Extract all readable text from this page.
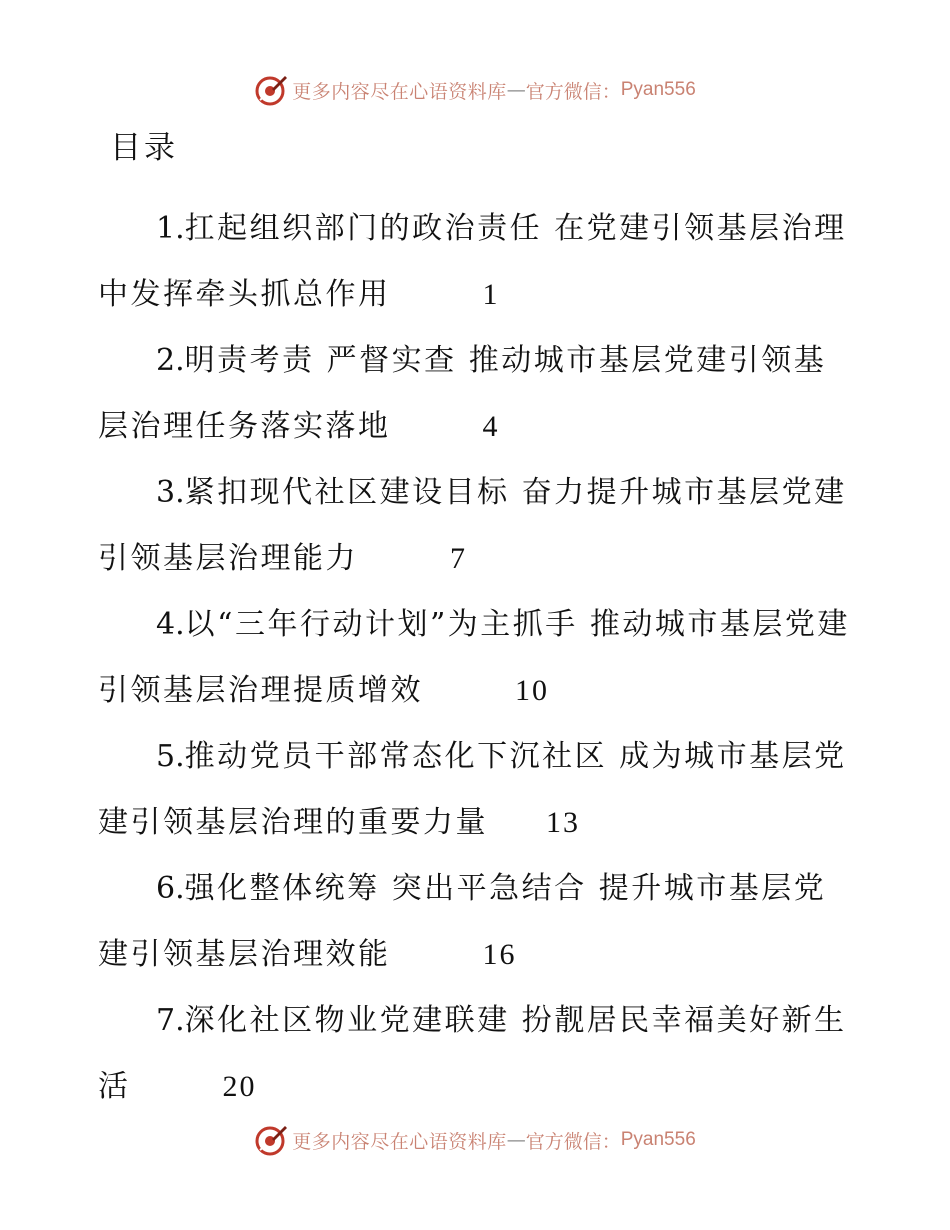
更多内容尽在心语资料库 — 官方微信： Pyan556
目录
1.扛起组织部门的政治责任 在党建引领基层治理中发挥牵头抓总作用	1
2.明责考责 严督实查 推动城市基层党建引领基层治理任务落实落地	4
3.紧扣现代社区建设目标 奋力提升城市基层党建引领基层治理能力	7
4.以“三年行动计划”为主抓手 推动城市基层党建引领基层治理提质增效	10
5.推动党员干部常态化下沉社区 成为城市基层党建引领基层治理的重要力量 13
6.强化整体统筹 突出平急结合 提升城市基层党建引领基层治理效能	16
7.深化社区物业党建联建 扮靓居民幸福美好新生活	20
更多内容尽在心语资料库 — 官方微信： Pyan556
